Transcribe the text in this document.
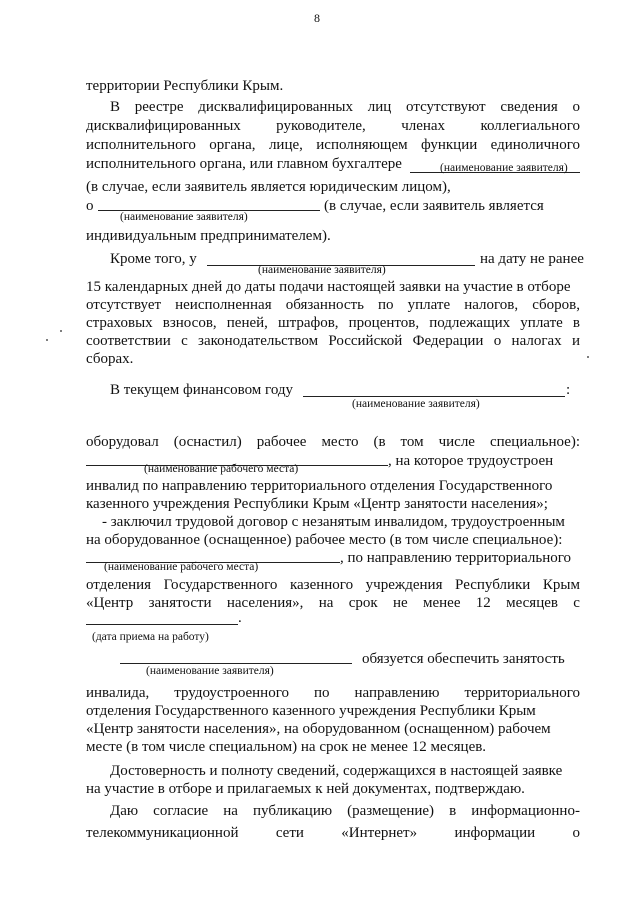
8
территории Республики Крым.
В реестре дисквалифицированных лиц отсутствуют сведения о
дисквалифицированных руководителе, членах коллегиального
исполнительного органа, лице, исполняющем функции единоличного
исполнительного органа, или главном бухгалтере	(наименование заявителя)
(в случае, если заявитель является юридическим лицом),
о	(в случае, если заявитель является
(наименование заявителя)
индивидуальным предпринимателем).
Кроме того, у	на дату не ранее
(наименование заявителя)
15 календарных дней до даты подачи настоящей заявки на участие в отборе
отсутствует неисполненная обязанность по уплате налогов, сборов,
страховых взносов, пеней, штрафов, процентов, подлежащих уплате в
соответствии с законодательством Российской Федерации о налогах и
сборах.
В текущем финансовом году	:
(наименование заявителя)
оборудовал (оснастил) рабочее место (в том числе специальное):
, на которое трудоустроен
(наименование рабочего места)
инвалид по направлению территориального отделения Государственного
казенного учреждения Республики Крым «Центр занятости населения»;
- заключил трудовой договор с незанятым инвалидом, трудоустроенным
на оборудованное (оснащенное) рабочее место (в том числе специальное):
, по направлению территориального
(наименование рабочего места)
отделения Государственного казенного учреждения Республики Крым
«Центр занятости населения», на срок не менее 12 месяцев с
.
(дата приема на работу)
обязуется обеспечить занятость
(наименование заявителя)
инвалида, трудоустроенного по направлению территориального
отделения Государственного казенного учреждения Республики Крым
«Центр занятости населения», на оборудованном (оснащенном) рабочем
месте (в том числе специальном) на срок не менее 12 месяцев.
Достоверность и полноту сведений, содержащихся в настоящей заявке
на участие в отборе и прилагаемых к ней документах, подтверждаю.
Даю согласие на публикацию (размещение) в информационно-
телекоммуникационной сети «Интернет» информации о
